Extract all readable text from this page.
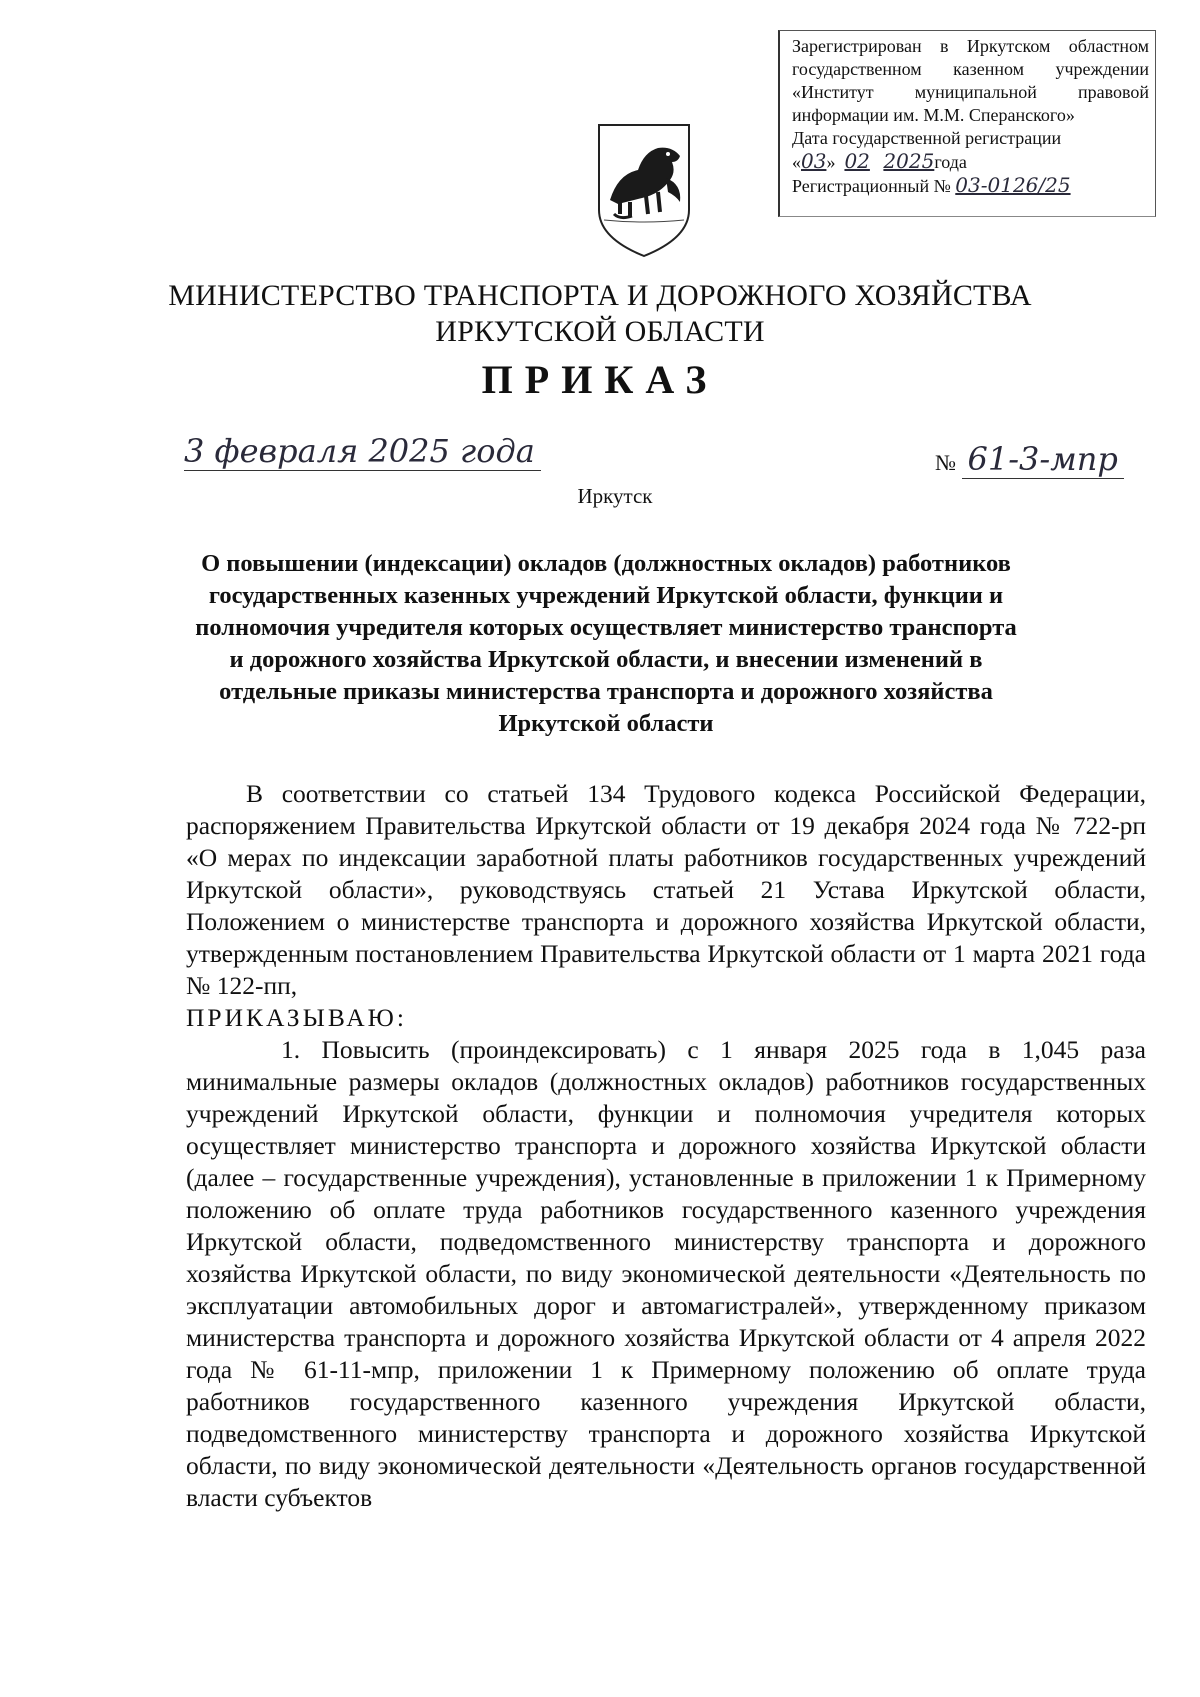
Зарегистрирован в Иркутском областном
государственном казенном учреждении
«Институт муниципальной правовой
информации им. М.М. Сперанского»
Дата государственной регистрации
«03» 02 2025года
Регистрационный № 03-0126/25
МИНИСТЕРСТВО ТРАНСПОРТА И ДОРОЖНОГО ХОЗЯЙСТВА
ИРКУТСКОЙ ОБЛАСТИ
ПРИКАЗ
3 февраля 2025 года	№ 61-3-мпр
Иркутск
О повышении (индексации) окладов (должностных окладов) работников
государственных казенных учреждений Иркутской области, функции и
полномочия учредителя которых осуществляет министерство транспорта
и дорожного хозяйства Иркутской области, и внесении изменений в
отдельные приказы министерства транспорта и дорожного хозяйства
Иркутской области

В соответствии со статьей 134 Трудового кодекса Российской Федерации, распоряжением Правительства Иркутской области от 19 декабря 2024 года № 722-рп «О мерах по индексации заработной платы работников государственных учреждений Иркутской области», руководствуясь статьей 21 Устава Иркутской области, Положением о министерстве транспорта и дорожного хозяйства Иркутской области, утвержденным постановлением Правительства Иркутской области от 1 марта 2021 года № 122-пп,

ПРИКАЗЫВАЮ:

1. Повысить (проиндексировать) с 1 января 2025 года в 1,045 раза минимальные размеры окладов (должностных окладов) работников государственных учреждений Иркутской области, функции и полномочия учредителя которых осуществляет министерство транспорта и дорожного хозяйства Иркутской области (далее – государственные учреждения), установленные в приложении 1 к Примерному положению об оплате труда работников государственного казенного учреждения Иркутской области, подведомственного министерству транспорта и дорожного хозяйства Иркутской области, по виду экономической деятельности «Деятельность по эксплуатации автомобильных дорог и автомагистралей», утвержденному приказом министерства транспорта и дорожного хозяйства Иркутской области от 4 апреля 2022 года № 61-11-мпр, приложении 1 к Примерному положению об оплате труда работников государственного казенного учреждения Иркутской области, подведомственного министерству транспорта и дорожного хозяйства Иркутской области, по виду экономической деятельности «Деятельность органов государственной власти субъектов
